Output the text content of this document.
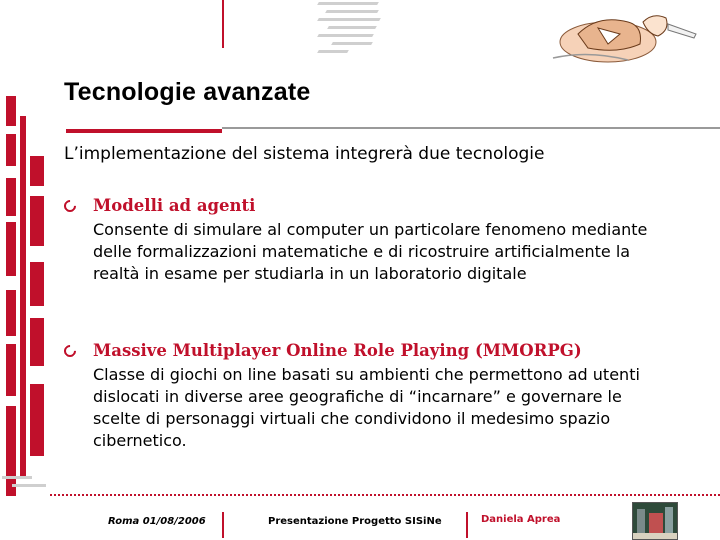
Tecnologie avanzate
L’implementazione del sistema integrerà due tecnologie
Modelli ad agenti
Consente di simulare al computer un particolare fenomeno mediante delle formalizzazioni matematiche e di ricostruire artificialmente la realtà in esame per studiarla in un laboratorio digitale
Massive Multiplayer Online Role Playing (MMORPG)
Classe di giochi on line basati su ambienti che permettono ad utenti dislocati in diverse aree geografiche di “incarnare” e governare le scelte di personaggi virtuali che condividono il medesimo spazio cibernetico.
Roma 01/08/2006	Presentazione Progetto SISiNe	Daniela Aprea
